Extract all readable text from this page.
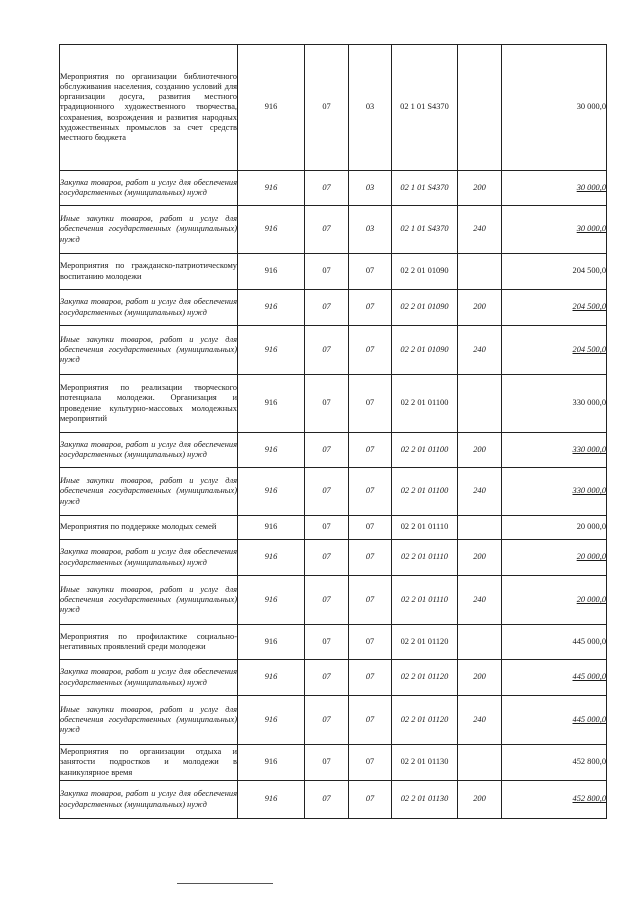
Мероприятия по организации библиотечного обслуживания населения, созданию условий для организации досуга, развития местного традиционного художественного творчества, сохранения, возрождения и развития народных художественных промыслов за счет средств местного бюджета	916	07	03	02 1 01 S4370		30 000,0
Закупка товаров, работ и услуг для обеспечения государственных (муниципальных) нужд	916	07	03	02 1 01 S4370	200	30 000,0
Иные закупки товаров, работ и услуг для обеспечения государственных (муниципальных) нужд	916	07	03	02 1 01 S4370	240	30 000,0
Мероприятия по гражданско-патриотическому воспитанию молодежи	916	07	07	02 2 01 01090		204 500,0
Закупка товаров, работ и услуг для обеспечения государственных (муниципальных) нужд	916	07	07	02 2 01 01090	200	204 500,0
Иные закупки товаров, работ и услуг для обеспечения государственных (муниципальных) нужд	916	07	07	02 2 01 01090	240	204 500,0
Мероприятия по реализации творческого потенциала молодежи. Организация и проведение культурно-массовых молодежных мероприятий	916	07	07	02 2 01 01100		330 000,0
Закупка товаров, работ и услуг для обеспечения государственных (муниципальных) нужд	916	07	07	02 2 01 01100	200	330 000,0
Иные закупки товаров, работ и услуг для обеспечения государственных (муниципальных) нужд	916	07	07	02 2 01 01100	240	330 000,0
Мероприятия по поддержке молодых семей	916	07	07	02 2 01 01110		20 000,0
Закупка товаров, работ и услуг для обеспечения государственных (муниципальных) нужд	916	07	07	02 2 01 01110	200	20 000,0
Иные закупки товаров, работ и услуг для обеспечения государственных (муниципальных) нужд	916	07	07	02 2 01 01110	240	20 000,0
Мероприятия по профилактике социально-негативных проявлений среди молодежи	916	07	07	02 2 01 01120		445 000,0
Закупка товаров, работ и услуг для обеспечения государственных (муниципальных) нужд	916	07	07	02 2 01 01120	200	445 000,0
Иные закупки товаров, работ и услуг для обеспечения государственных (муниципальных) нужд	916	07	07	02 2 01 01120	240	445 000,0
Мероприятия по организации отдыха и занятости подростков и молодежи в каникулярное время	916	07	07	02 2 01 01130		452 800,0
Закупка товаров, работ и услуг для обеспечения государственных (муниципальных) нужд	916	07	07	02 2 01 01130	200	452 800,0
